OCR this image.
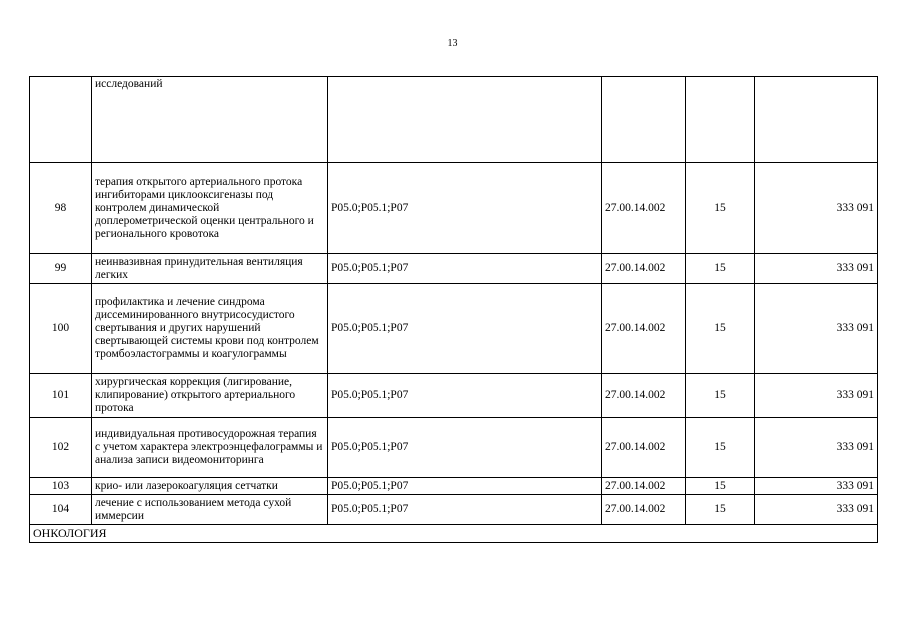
13
	исследований				
98	терапия открытого артериального протока ингибиторами циклооксигеназы под контролем динамической доплерометрической оценки центрального и регионального кровотока	P05.0;P05.1;P07	27.00.14.002	15	333 091
99	неинвазивная принудительная вентиляция легких	P05.0;P05.1;P07	27.00.14.002	15	333 091
100	профилактика и лечение синдрома диссеминированного внутрисосудистого свертывания и других нарушений свертывающей системы крови под контролем тромбоэластограммы и коагулограммы	P05.0;P05.1;P07	27.00.14.002	15	333 091
101	хирургическая коррекция (лигирование, клипирование) открытого артериального протока	P05.0;P05.1;P07	27.00.14.002	15	333 091
102	индивидуальная противосудорожная терапия с учетом характера электроэнцефалограммы и анализа записи видеомониторинга	P05.0;P05.1;P07	27.00.14.002	15	333 091
103	крио- или лазерокоагуляция сетчатки	P05.0;P05.1;P07	27.00.14.002	15	333 091
104	лечение с использованием метода сухой иммерсии	P05.0;P05.1;P07	27.00.14.002	15	333 091
ОНКОЛОГИЯ					
